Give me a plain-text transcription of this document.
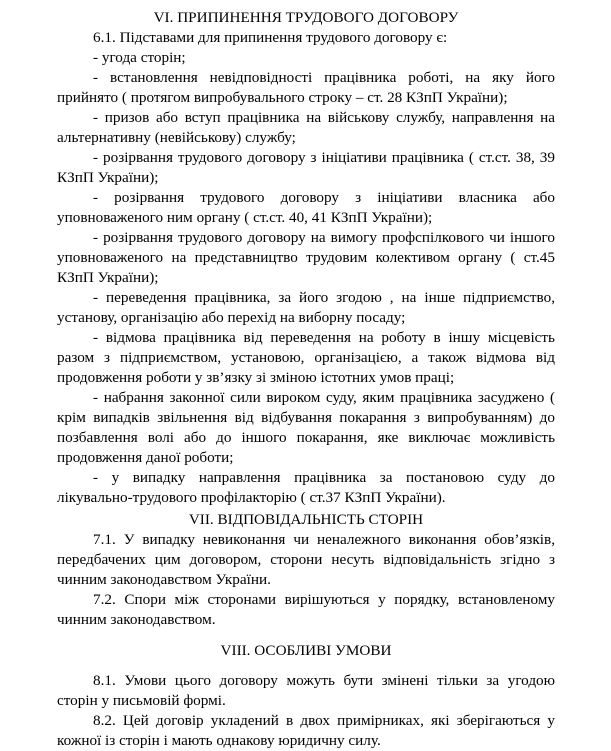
VI. ПРИПИНЕННЯ ТРУДОВОГО ДОГОВОРУ

6.1. Підставами для припинення трудового договору є:

- угода сторін;

- встановлення невідповідності працівника роботі, на яку його прийнято ( протягом випробувального строку – ст. 28 КЗпП України);

- призов або вступ працівника на військову службу, направлення на альтернативну (невійськову) службу;

- розірвання трудового договору з ініціативи працівника ( ст.ст. 38, 39 КЗпП України);

- розірвання трудового договору з ініціативи власника або уповноваженого ним органу ( ст.ст. 40, 41 КЗпП України);

- розірвання трудового договору на вимогу профспілкового чи іншого уповноваженого на представництво трудовим колективом органу ( ст.45 КЗпП України);

- переведення працівника, за його згодою , на інше підприємство, установу, організацію або перехід на виборну посаду;

- відмова працівника від переведення на роботу в іншу місцевість разом з підприємством, установою, організацією, а також відмова від продовження роботи у зв’язку зі зміною істотних умов праці;

- набрання законної сили вироком суду, яким працівника засуджено ( крім випадків звільнення від відбування покарання з випробуванням) до позбавлення волі або до іншого покарання, яке виключає можливість продовження даної роботи;

- у випадку направлення працівника за постановою суду до лікувально-трудового профілакторію ( ст.37 КЗпП України).

VII. ВІДПОВІДАЛЬНІСТЬ СТОРІН

7.1. У випадку невиконання чи неналежного виконання обов’язків, передбачених цим договором, сторони несуть відповідальність згідно з чинним законодавством України.

7.2. Спори між сторонами вирішуються у порядку, встановленому чинним законодавством.

VIII. ОСОБЛИВІ УМОВИ

8.1. Умови цього договору можуть бути змінені тільки за угодою сторін у письмовій формі.

8.2. Цей договір укладений в двох примірниках, які зберігаються у кожної із сторін і мають однакову юридичну силу.
